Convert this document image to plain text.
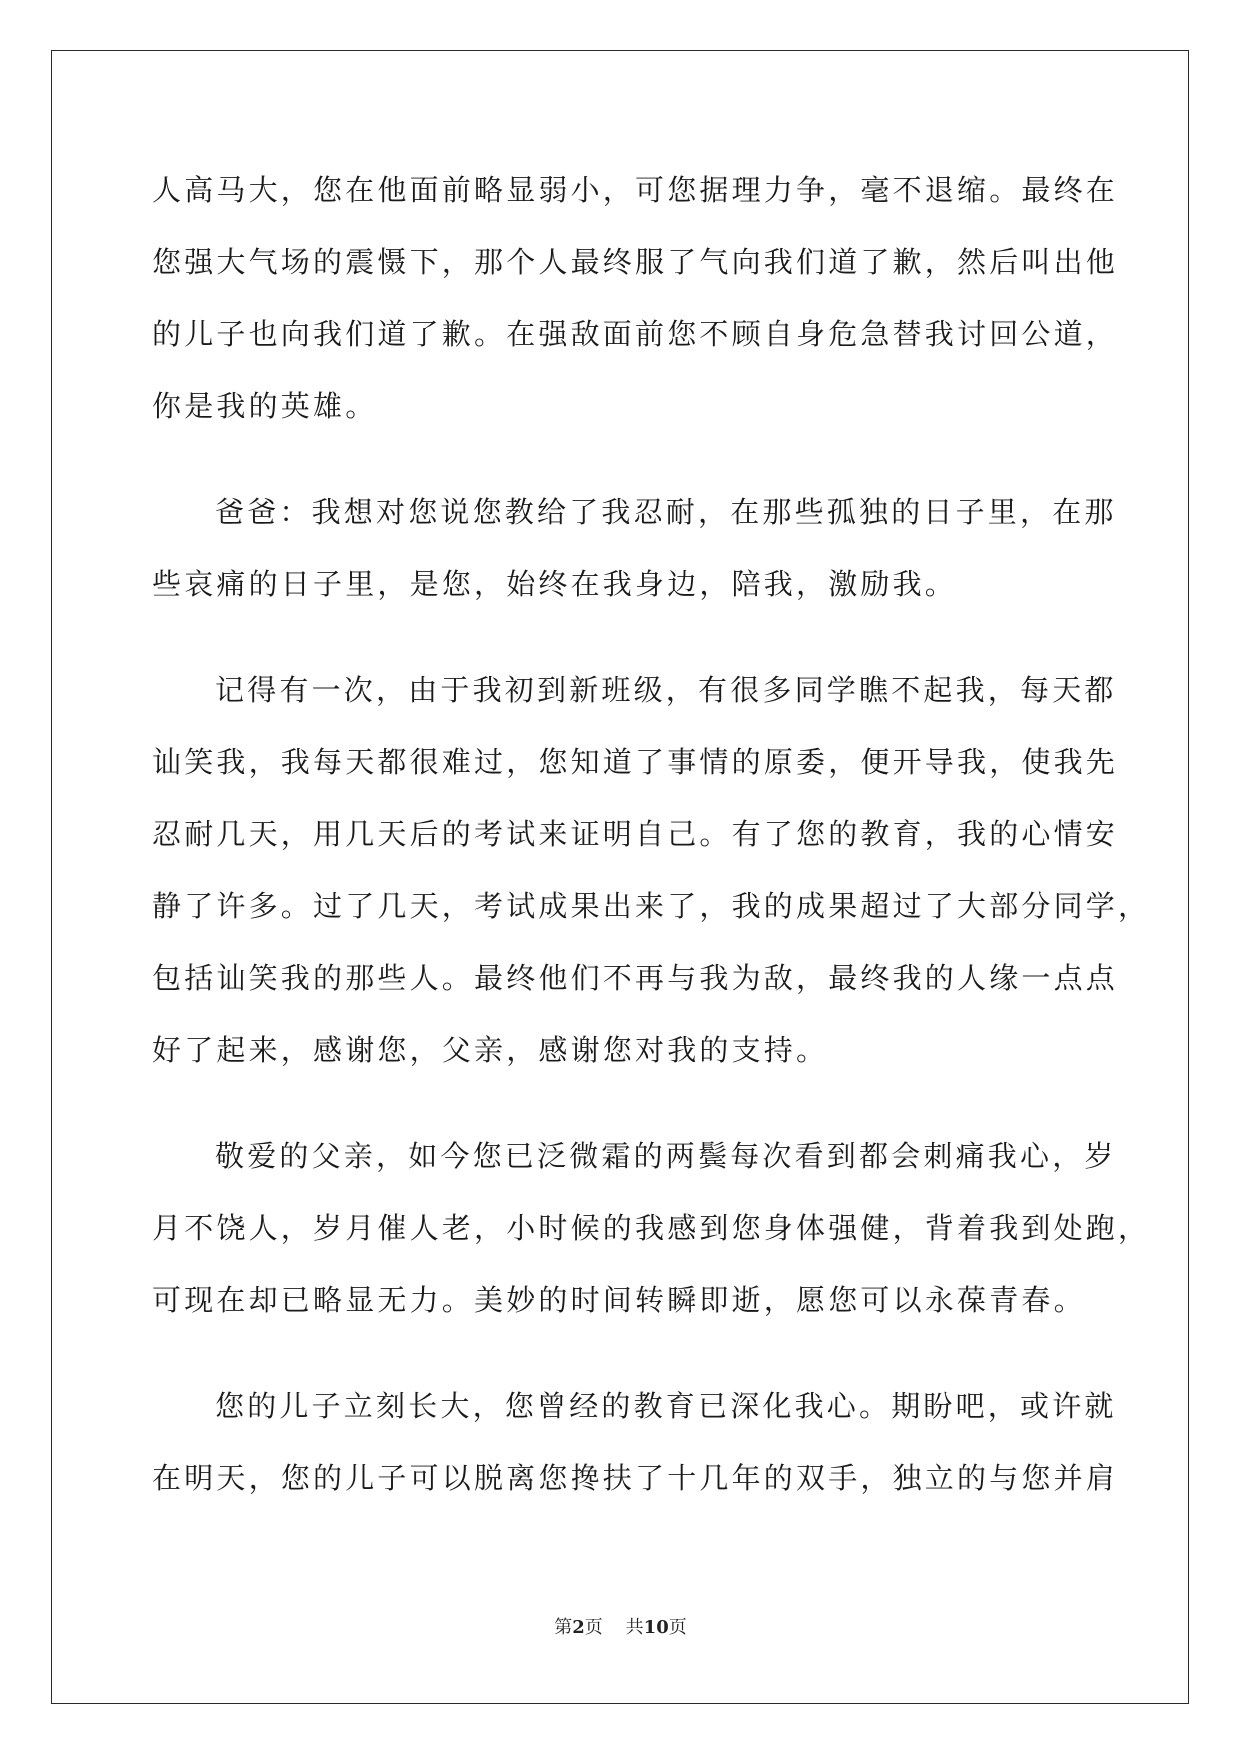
人高马大，您在他面前略显弱小，可您据理力争，毫不退缩。最终在
您强大气场的震慑下，那个人最终服了气向我们道了歉，然后叫出他
的儿子也向我们道了歉。在强敌面前您不顾自身危急替我讨回公道，
你是我的英雄。
爸爸：我想对您说您教给了我忍耐，在那些孤独的日子里，在那
些哀痛的日子里，是您，始终在我身边，陪我，激励我。
记得有一次，由于我初到新班级，有很多同学瞧不起我，每天都
讪笑我，我每天都很难过，您知道了事情的原委，便开导我，使我先
忍耐几天，用几天后的考试来证明自己。有了您的教育，我的心情安
静了许多。过了几天，考试成果出来了，我的成果超过了大部分同学，
包括讪笑我的那些人。最终他们不再与我为敌，最终我的人缘一点点
好了起来，感谢您，父亲，感谢您对我的支持。
敬爱的父亲，如今您已泛微霜的两鬓每次看到都会刺痛我心，岁
月不饶人，岁月催人老，小时候的我感到您身体强健，背着我到处跑，
可现在却已略显无力。美妙的时间转瞬即逝，愿您可以永葆青春。
您的儿子立刻长大，您曾经的教育已深化我心。期盼吧，或许就
在明天，您的儿子可以脱离您搀扶了十几年的双手，独立的与您并肩
第2页 共10页
